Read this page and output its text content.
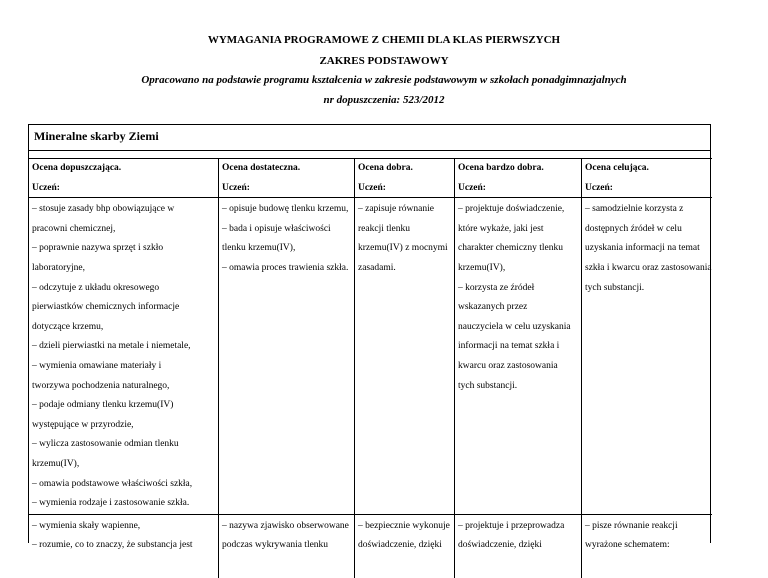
WYMAGANIA PROGRAMOWE Z CHEMII DLA KLAS PIERWSZYCH
ZAKRES PODSTAWOWY
Opracowano na podstawie programu kształcenia w zakresie podstawowym w szkołach ponadgimnazjalnych
nr dopuszczenia: 523/2012
Mineralne skarby Ziemi
Ocena dopuszczająca.
Uczeń:
Ocena dostateczna.
Uczeń:
Ocena dobra.
Uczeń:
Ocena bardzo dobra.
Uczeń:
Ocena celująca.
Uczeń:
– stosuje zasady bhp obowiązujące w
pracowni chemicznej,
– poprawnie nazywa sprzęt i szkło
laboratoryjne,
– odczytuje z układu okresowego
pierwiastków chemicznych informacje
dotyczące krzemu,
– dzieli pierwiastki na metale i niemetale,
– wymienia omawiane materiały i
tworzywa pochodzenia naturalnego,
– podaje odmiany tlenku krzemu(IV)
występujące w przyrodzie,
– wylicza zastosowanie odmian tlenku
krzemu(IV),
– omawia podstawowe właściwości szkła,
– wymienia rodzaje i zastosowanie szkła.
– opisuje budowę tlenku krzemu,
– bada i opisuje właściwości
tlenku krzemu(IV),
– omawia proces trawienia szkła.
– zapisuje równanie
reakcji tlenku
krzemu(IV) z mocnymi
zasadami.
– projektuje doświadczenie,
które wykaże, jaki jest
charakter chemiczny tlenku
krzemu(IV),
– korzysta ze źródeł
wskazanych przez
nauczyciela w celu uzyskania
informacji na temat szkła i
kwarcu oraz zastosowania
tych substancji.
– samodzielnie korzysta z
dostępnych źródeł w celu
uzyskania informacji na temat
szkła i kwarcu oraz zastosowania
tych substancji.
– wymienia skały wapienne,
– rozumie, co to znaczy, że substancja jest
– nazywa zjawisko obserwowane
podczas wykrywania tlenku
– bezpiecznie wykonuje
doświadczenie, dzięki
– projektuje i przeprowadza
doświadczenie, dzięki
– pisze równanie reakcji
wyrażone schematem:
